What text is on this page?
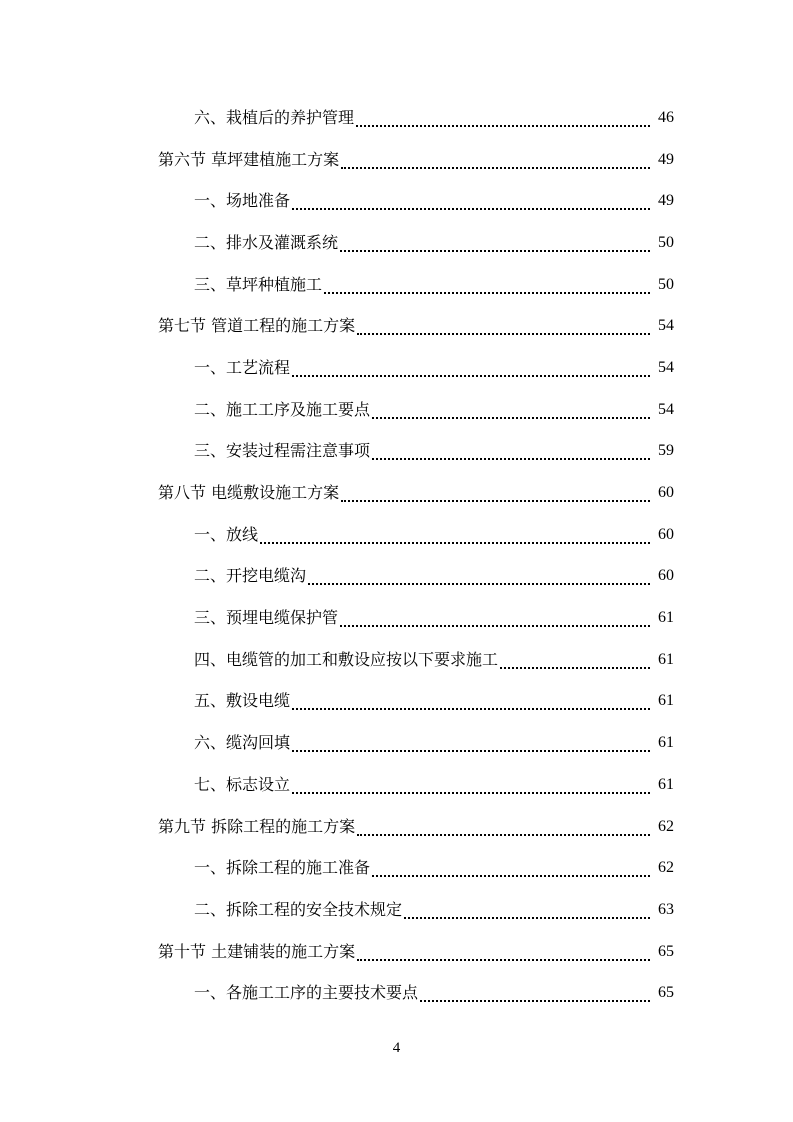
六、栽植后的养护管理	46
第六节 草坪建植施工方案	49
一、场地准备	49
二、排水及灌溉系统	50
三、草坪种植施工	50
第七节 管道工程的施工方案	54
一、工艺流程	54
二、施工工序及施工要点	54
三、安装过程需注意事项	59
第八节 电缆敷设施工方案	60
一、放线	60
二、开挖电缆沟	60
三、预埋电缆保护管	61
四、电缆管的加工和敷设应按以下要求施工	61
五、敷设电缆	61
六、缆沟回填	61
七、标志设立	61
第九节 拆除工程的施工方案	62
一、拆除工程的施工准备	62
二、拆除工程的安全技术规定	63
第十节 土建铺装的施工方案	65
一、各施工工序的主要技术要点	65
4
